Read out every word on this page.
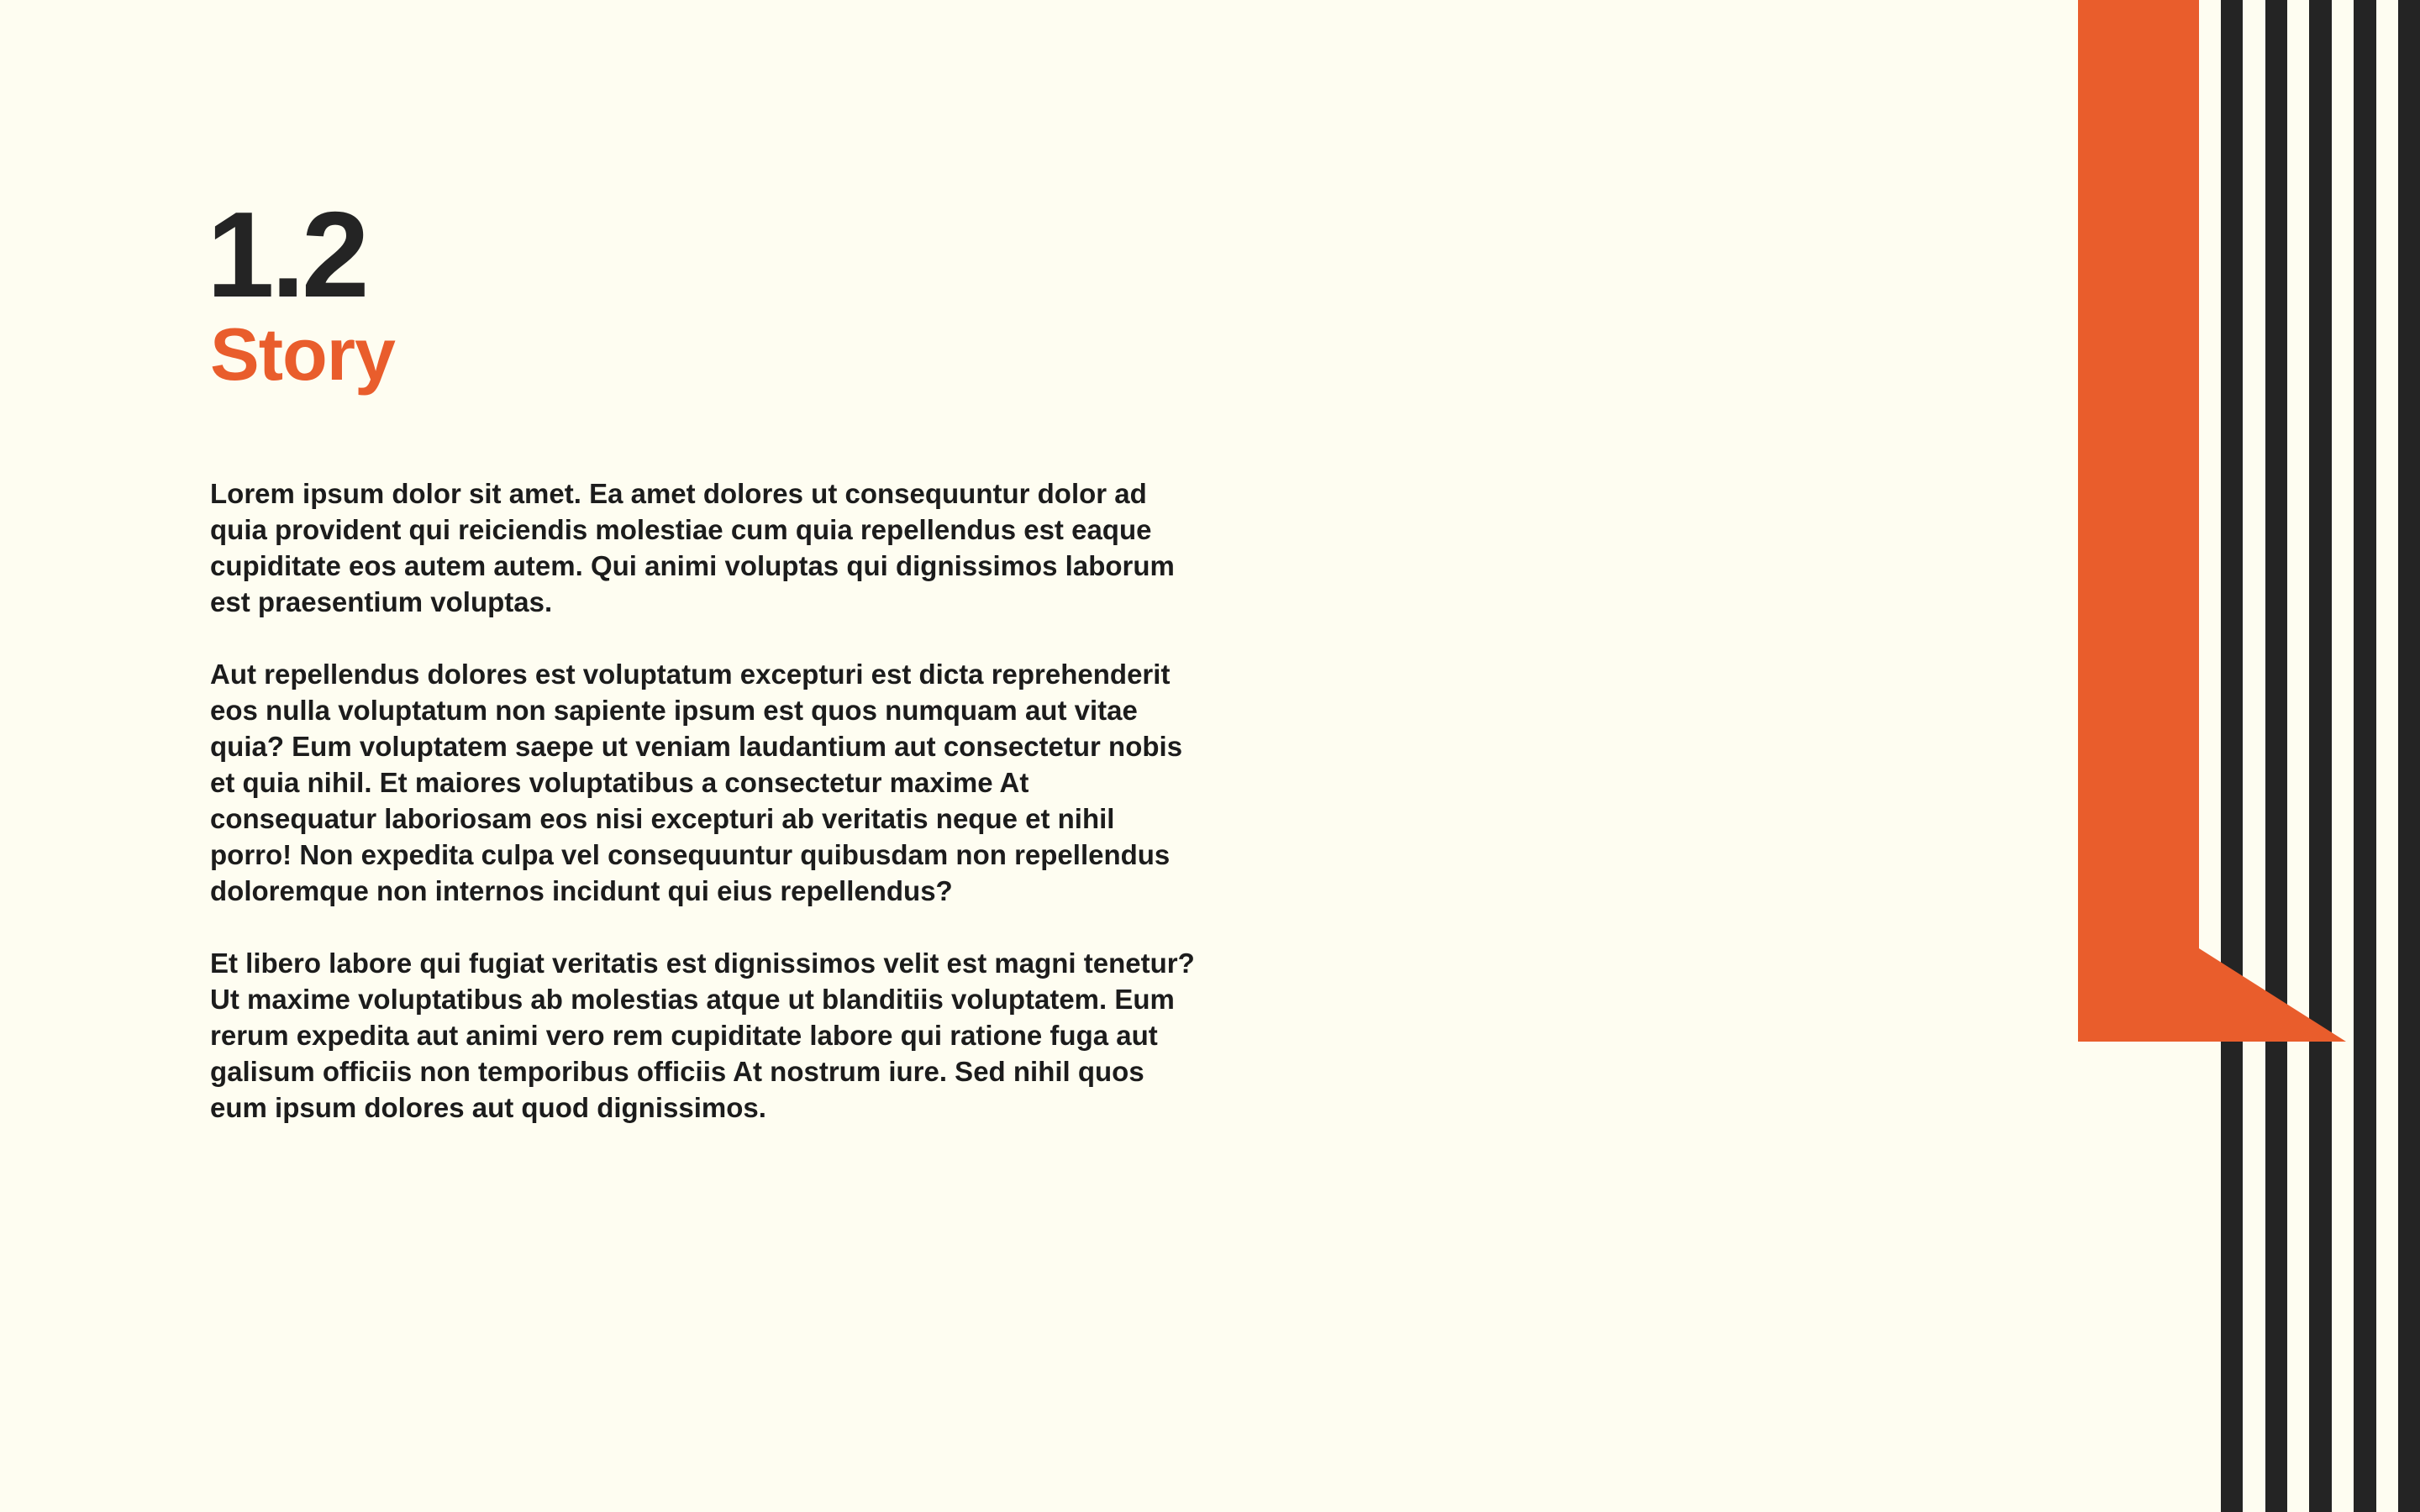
1.2
Story

Lorem ipsum dolor sit amet. Ea amet dolores ut consequuntur dolor ad quia provident qui reiciendis molestiae cum quia repellendus est eaque cupiditate eos autem autem. Qui animi voluptas qui dignissimos laborum est praesentium voluptas.

Aut repellendus dolores est voluptatum excepturi est dicta reprehenderit eos nulla voluptatum non sapiente ipsum est quos numquam aut vitae quia? Eum voluptatem saepe ut veniam laudantium aut consectetur nobis et quia nihil. Et maiores voluptatibus a consectetur maxime At consequatur laboriosam eos nisi excepturi ab veritatis neque et nihil porro! Non expedita culpa vel consequuntur quibusdam non repellendus doloremque non internos incidunt qui eius repellendus?

Et libero labore qui fugiat veritatis est dignissimos velit est magni tenetur? Ut maxime voluptatibus ab molestias atque ut blanditiis voluptatem. Eum rerum expedita aut animi vero rem cupiditate labore qui ratione fuga aut galisum officiis non temporibus officiis At nostrum iure. Sed nihil quos eum ipsum dolores aut quod dignissimos.
